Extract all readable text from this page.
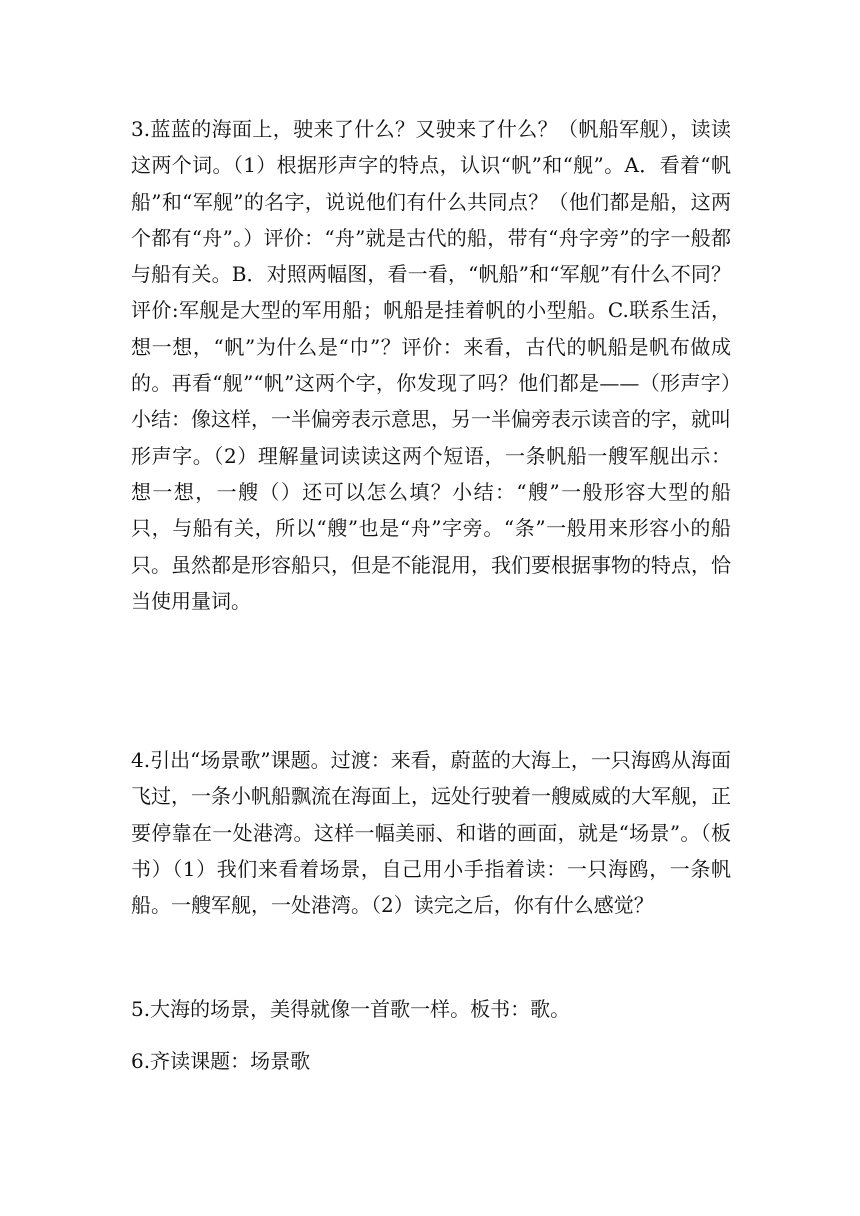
3.蓝蓝的海面上，驶来了什么？又驶来了什么？（帆船军舰），读读这两个词。（1）根据形声字的特点，认识“帆”和“舰”。A．看着“帆船”和“军舰”的名字，说说他们有什么共同点？（他们都是船，这两个都有“舟”。）评价：“舟”就是古代的船，带有“舟字旁”的字一般都与船有关。B．对照两幅图，看一看，“帆船”和“军舰”有什么不同？评价:军舰是大型的军用船；帆船是挂着帆的小型船。C.联系生活，想一想，“帆”为什么是“巾”？评价：来看，古代的帆船是帆布做成的。再看“舰”“帆”这两个字，你发现了吗？他们都是——（形声字）小结：像这样，一半偏旁表示意思，另一半偏旁表示读音的字，就叫形声字。（2）理解量词读读这两个短语，一条帆船一艘军舰出示：想一想，一艘（）还可以怎么填？小结：“艘”一般形容大型的船只，与船有关，所以“艘”也是“舟”字旁。“条”一般用来形容小的船只。虽然都是形容船只，但是不能混用，我们要根据事物的特点，恰当使用量词。

4.引出“场景歌”课题。过渡：来看，蔚蓝的大海上，一只海鸥从海面飞过，一条小帆船飘流在海面上，远处行驶着一艘威威的大军舰，正要停靠在一处港湾。这样一幅美丽、和谐的画面，就是“场景”。（板书）（1）我们来看着场景，自己用小手指着读：一只海鸥，一条帆船。一艘军舰，一处港湾。（2）读完之后，你有什么感觉？

5.大海的场景，美得就像一首歌一样。板书：歌。

6.齐读课题：场景歌
